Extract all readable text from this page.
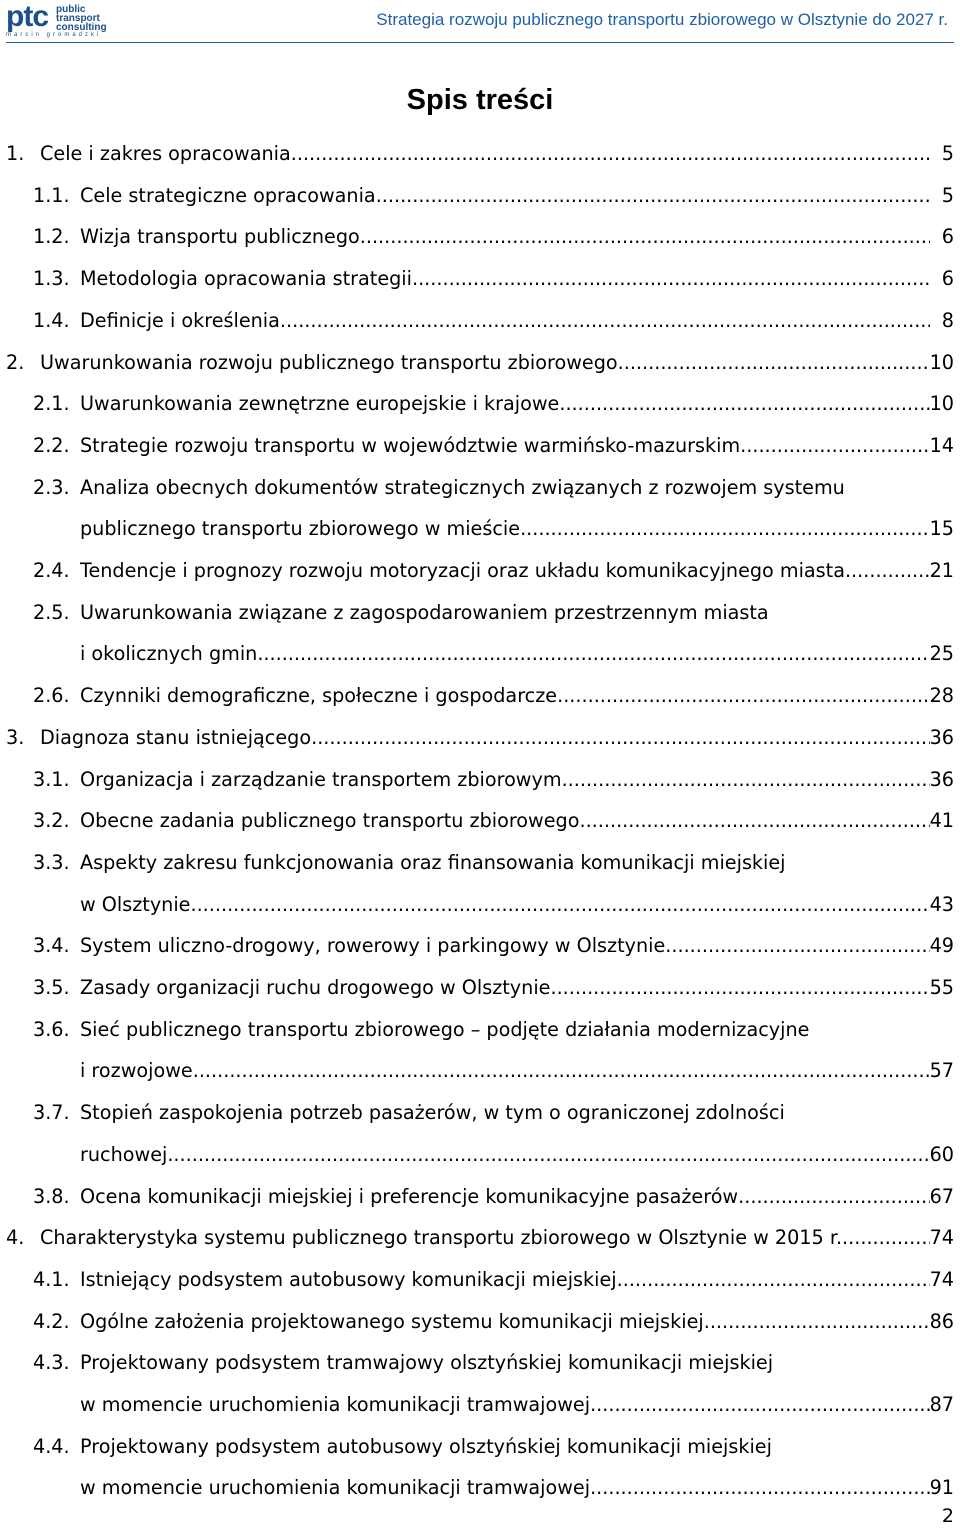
ptc public
transport
consulting
marcin gromadzki
Strategia rozwoju publicznego transportu zbiorowego w Olsztynie do 2027 r.
Spis treści
1. Cele i zakres opracowania .....	5
1.1. Cele strategiczne opracowania .....	5
1.2. Wizja transportu publicznego .....	6
1.3. Metodologia opracowania strategii .....	6
1.4. Definicje i określenia .....	8
2. Uwarunkowania rozwoju publicznego transportu zbiorowego .....	10
2.1. Uwarunkowania zewnętrzne europejskie i krajowe .....	10
2.2. Strategie rozwoju transportu w województwie warmińsko-mazurskim .....	14
2.3. Analiza obecnych dokumentów strategicznych związanych z rozwojem systemu
publicznego transportu zbiorowego w mieście .....	15
2.4. Tendencje i prognozy rozwoju motoryzacji oraz układu komunikacyjnego miasta .....	21
2.5. Uwarunkowania związane z zagospodarowaniem przestrzennym miasta
i okolicznych gmin .....	25
2.6. Czynniki demograficzne, społeczne i gospodarcze .....	28
3. Diagnoza stanu istniejącego .....	36
3.1. Organizacja i zarządzanie transportem zbiorowym .....	36
3.2. Obecne zadania publicznego transportu zbiorowego .....	41
3.3. Aspekty zakresu funkcjonowania oraz finansowania komunikacji miejskiej
w Olsztynie .....	43
3.4. System uliczno-drogowy, rowerowy i parkingowy w Olsztynie .....	49
3.5. Zasady organizacji ruchu drogowego w Olsztynie .....	55
3.6. Sieć publicznego transportu zbiorowego – podjęte działania modernizacyjne
i rozwojowe .....	57
3.7. Stopień zaspokojenia potrzeb pasażerów, w tym o ograniczonej zdolności
ruchowej .....	60
3.8. Ocena komunikacji miejskiej i preferencje komunikacyjne pasażerów .....	67
4. Charakterystyka systemu publicznego transportu zbiorowego w Olsztynie w 2015 r. .....	74
4.1. Istniejący podsystem autobusowy komunikacji miejskiej .....	74
4.2. Ogólne założenia projektowanego systemu komunikacji miejskiej .....	86
4.3. Projektowany podsystem tramwajowy olsztyńskiej komunikacji miejskiej
w momencie uruchomienia komunikacji tramwajowej .....	87
4.4. Projektowany podsystem autobusowy olsztyńskiej komunikacji miejskiej
w momencie uruchomienia komunikacji tramwajowej .....	91
2
